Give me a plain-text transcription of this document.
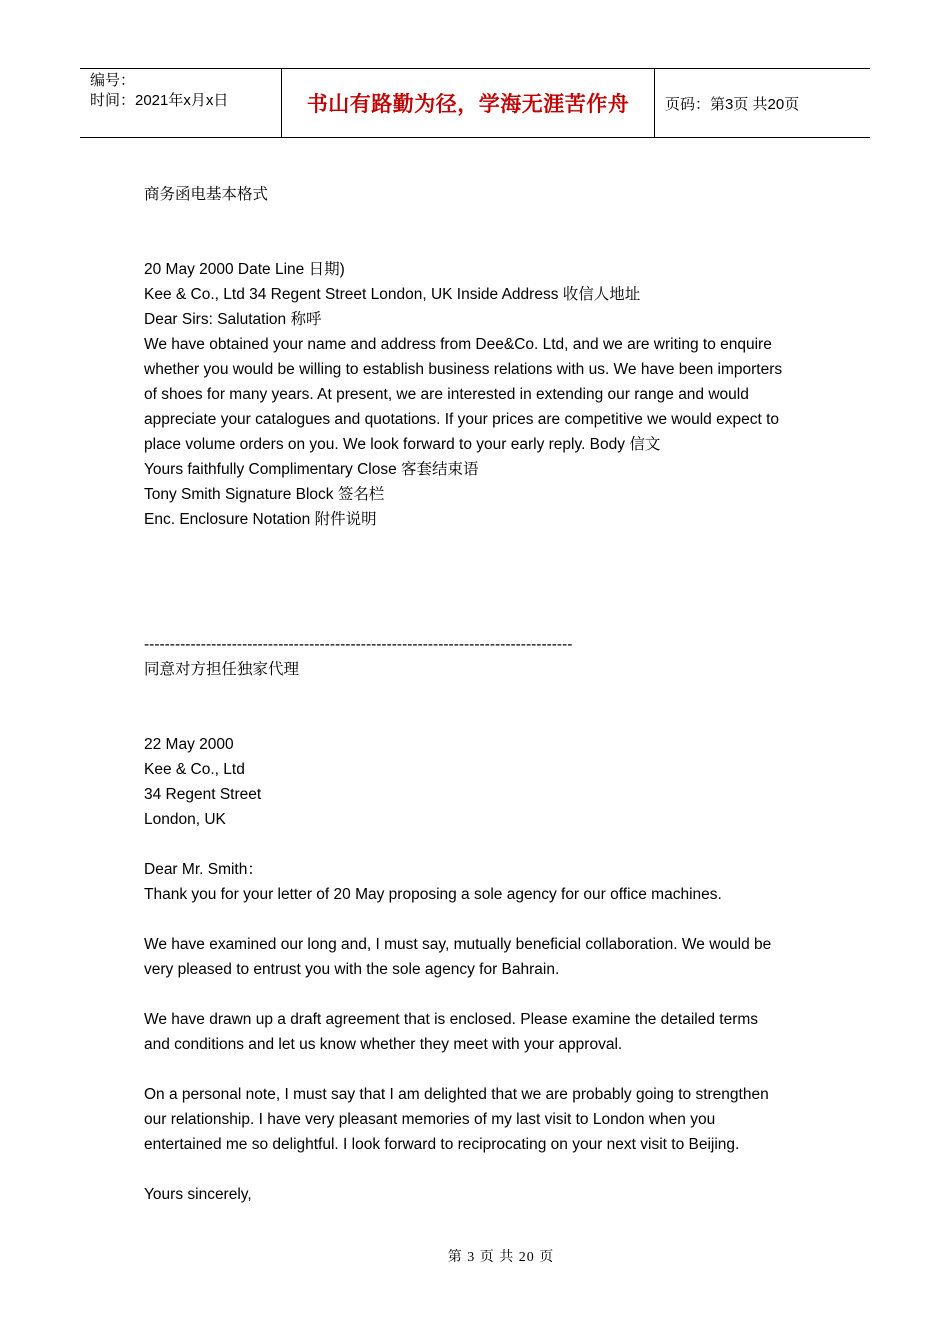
编号：
时间：2021年x月x日	书山有路勤为径，学海无涯苦作舟	页码：第3页 共20页

商务函电基本格式

20 May 2000 Date Line 日期)

Kee & Co., Ltd 34 Regent Street London, UK Inside Address 收信人地址

Dear Sirs: Salutation 称呼

We have obtained your name and address from Dee&Co. Ltd, and we are writing to enquire

whether you would be willing to establish business relations with us. We have been importers

of shoes for many years. At present, we are interested in extending our range and would

appreciate your catalogues and quotations. If your prices are competitive we would expect to

place volume orders on you. We look forward to your early reply. Body 信文

Yours faithfully Complimentary Close 客套结束语

Tony Smith Signature Block 签名栏

Enc. Enclosure Notation 附件说明

-----------------------------------------------------------------------------------

同意对方担任独家代理

22 May 2000

Kee & Co., Ltd

34 Regent Street

London, UK

Dear Mr. Smith：

Thank you for your letter of 20 May proposing a sole agency for our office machines.

We have examined our long and, I must say, mutually beneficial collaboration. We would be

very pleased to entrust you with the sole agency for Bahrain.

We have drawn up a draft agreement that is enclosed. Please examine the detailed terms

and conditions and let us know whether they meet with your approval.

On a personal note, I must say that I am delighted that we are probably going to strengthen

our relationship. I have very pleasant memories of my last visit to London when you

entertained me so delightful. I look forward to reciprocating on your next visit to Beijing.

Yours sincerely,

第 3 页 共 20 页
